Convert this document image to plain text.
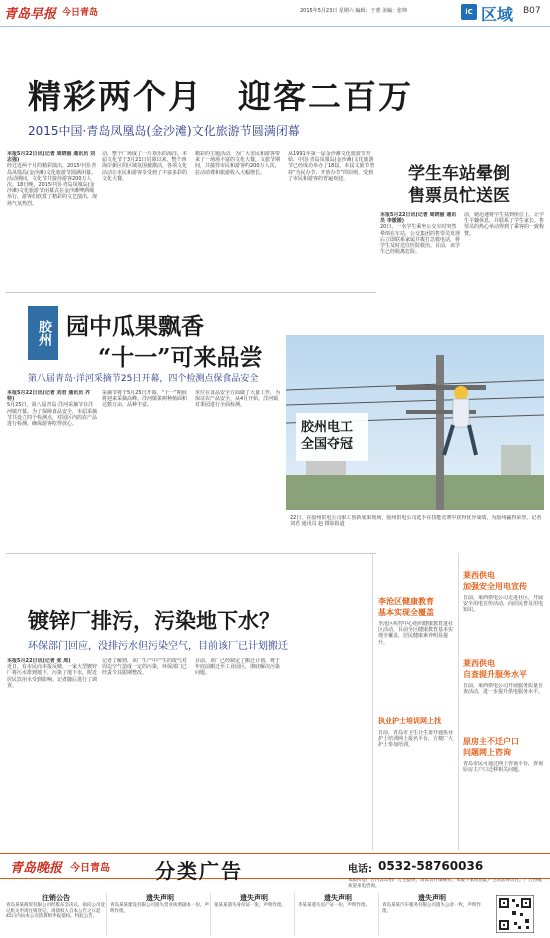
青岛早报 今日青岛	2015年5月23日 星期六 编辑：于蕾 美编：张帅	iC 区域 B07
精彩两个月　迎客二百万
2015中国·青岛凤凰岛(金沙滩)文化旅游节圆满闭幕

本报5月22日讯(记者 周晓丽 通讯员 刘志强)

经过近两个月的精彩演出，2015中国·青岛凤凰岛(金沙滩)文化旅游节圆满闭幕。活动期间，文化节共接待游客200万人次。18日晚，2015中国·青岛凤凰岛(金沙滩)文化旅游节闭幕式在金沙滩啤酒城举行，游客们欣赏了精彩的文艺演出，现场气氛热烈。

动，整个广场成了一片欢乐的海洋。本届文化节于3月21日启幕以来，整个西海岸新区的区域氛围被激活，各项文化活动让市民和游客享受到了丰富多彩的文化大餐。

精彩的主题活动，为广大市民和游客带来了一场场丰富的文化大餐，文旅节期间，共接待市民和游客约200万人次，拉动消费和旅游收入大幅增长。

从1991年第一届金沙滩文化旅游节开始，中国·青岛凤凰岛(金沙滩)文化旅游节已经成功举办了18届，本届文旅节坚持“为民办节、开放办节”的原则，受到了市民和游客的普遍欢迎。	学生车站晕倒
售票员忙送医

本报5月22日讯(记者 周晓丽 通讯员 李媛媛)

20日，一名学生乘坐公交车时突然晕倒在车站，公交集团的售票员发现后立即联系家属并拨打急救电话，将学生及时送往医院救治。目前，该学生已经脱离危险。

前，她迅速将学生扶到座位上，让学生平躺休息，并联系了学生家长。售票员的热心举动得到了乘客的一致称赞。

胶州 园中瓜果飘香
“十一”可来品尝
第八届青岛·洋河采摘节25日开幕，四个检测点保食品安全

本报5月22日讯(记者 刘君 通讯员 齐特)

5月25日，第八届青岛·洋河采摘节在洋河镇开幕。为了保障食品安全，本届采摘节共设立四个检测点，对园区内的农产品进行检测，确保游客吃得放心。

采摘节将于5月25日开幕，“十一”期间将迎来采摘高峰。洋河镇果树种植面积达数万亩，品种丰富。

单位在食品安全方面做了大量工作，为保证农产品安全，从4月开始，洋河镇对果园进行全面检测。

胶州电工全国夺冠
22日，在胶州供电公司职工创新成果现场，胶州供电公司选手在技能竞赛中获得优异成绩，为胶州赢得荣誉。记者 刘君 通讯员 赵 摄影报道
镀锌厂排污，污染地下水？
环保部门回应，没排污水但污染空气，目前该厂已计划搬迁

本报5月22日讯(记者 张 周)

近日，有市民向本报反映，一家大型镀锌厂将污水排到地下，污染了地下水，附近居民饮用水受到影响。记者随后进行了调查。

记者了解到，该厂生产中产生的废气对周边空气造成一定的污染，环保部门已经责令其限期整改。

目前，该厂已经制定了搬迁计划，将于年底前搬迁至工业园区，彻底解决污染问题。

李沧区健康教育
基本实现全覆盖
李沧区疾控中心组织健康教育进社区活动，目前全区健康教育基本实现全覆盖，居民健康素养明显提升。
莱西供电
加强安全用电宣传
日前，莱西供电公司走进社区，开展安全用电宣传活动，向居民普及用电知识。
执业护士培训网上找
日前，青岛市卫生计生委开通执业护士培训网上报名平台，方便广大护士参加培训。
莱西供电
自查提升服务水平
日前，莱西供电公司开展服务质量自查活动，进一步提升供电服务水平。
原房主不迁户口
问题网上咨询
青岛市民可通过网上咨询平台，查询原房主户口迁移相关问题。
青岛晚报 今日青岛 分类广告	电话: 0532-58760036
本版所登广告内容均由广告主提供，请读者仔细核实，本报不承担由此产生的法律责任。广告热线欢迎来电咨询。
注销公告
青岛某某商贸有限公司经股东会决议，拟向公司登记机关申请注销登记，请债权人自本公告之日起45日内向本公司清算组申报债权。特此公告。
遗失声明
青岛某某建设有限公司遗失营业执照副本一份，声明作废。
遗失声明
张某某遗失身份证一张，声明作废。
遗失声明
李某某遗失房产证一份，声明作废。
遗失声明
青岛某某汽车服务有限公司遗失公章一枚，声明作废。
